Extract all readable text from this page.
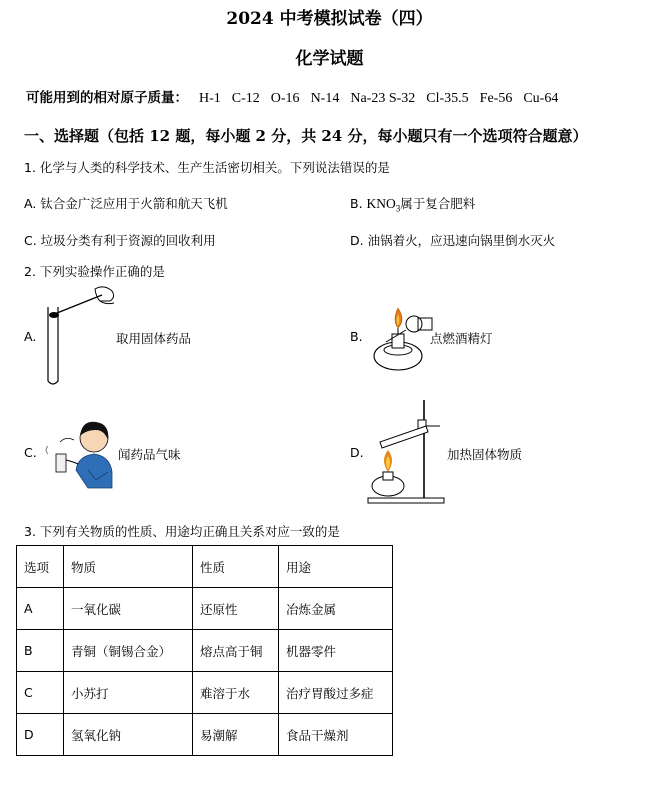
2024 中考模拟试卷（四）
化学试题
可能用到的相对原子质量： H-1 C-12 O-16 N-14 Na-23 S-32 Cl-35.5 Fe-56 Cu-64
一、选择题（包括 12 题，每小题 2 分，共 24 分，每小题只有一个选项符合题意）
1. 化学与人类的科学技术、生产生活密切相关。下列说法错误的是
A. 钛合金广泛应用于火箭和航天飞机	B. $KNO_3$属于复合肥料
C. 垃圾分类有利于资源的回收利用	D. 油锅着火，应迅速向锅里倒水灭火
2. 下列实验操作正确的是
A.	取用固体药品	B.	点燃酒精灯
C.	闻药品气味	D.	加热固体物质
3. 下列有关物质的性质、用途均正确且关系对应一致的是
选项	物质	性质	用途
A	一氧化碳	还原性	冶炼金属
B	青铜（铜锡合金）	熔点高于铜	机器零件
C	小苏打	难溶于水	治疗胃酸过多症
D	氢氧化钠	易潮解	食品干燥剂
